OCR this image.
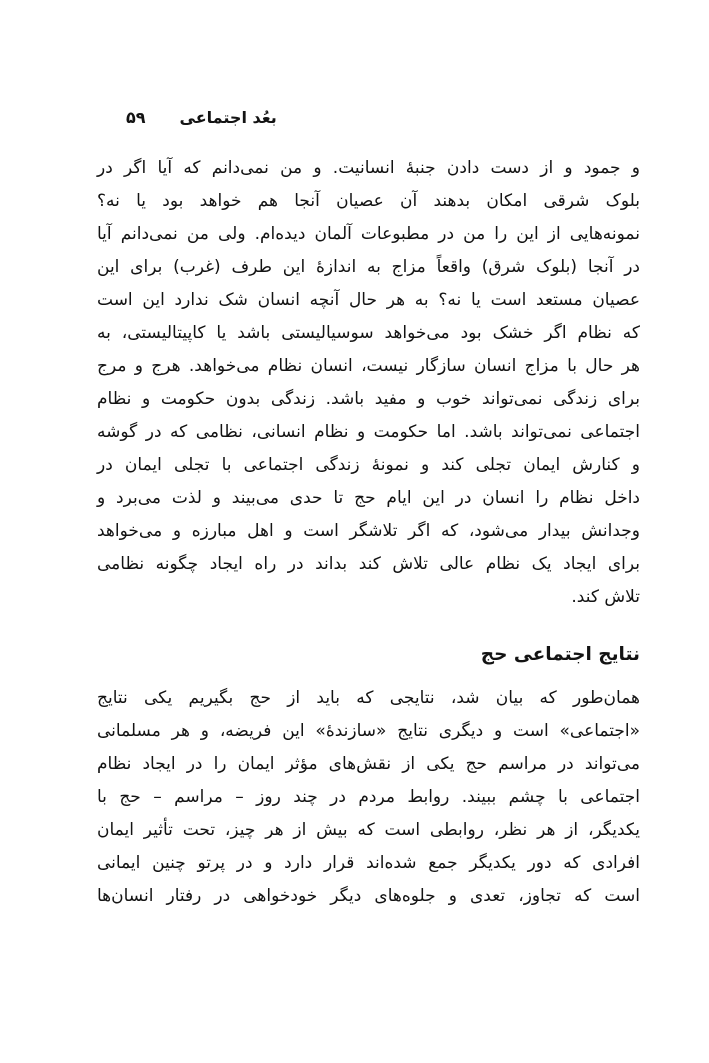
بعُد اجتماعی
۵۹
و جمود و از دست دادن جنبهٔ انسانیت. و من نمی‌دانم که آیا اگر در
بلوک شرقی امکان بدهند آن عصیان آنجا هم خواهد بود یا نه؟
نمونه‌هایی از این را من در مطبوعات آلمان دیده‌ام. ولی من نمی‌دانم آیا
در آنجا (بلوک شرق) واقعاً مزاج به اندازهٔ این طرف (غرب) برای این
عصیان مستعد است یا نه؟ به هر حال آنچه انسان شک ندارد این است
که نظام اگر خشک بود می‌خواهد سوسیالیستی باشد یا کاپیتالیستی، به
هر حال با مزاج انسان سازگار نیست، انسان نظام می‌خواهد. هرج و مرج
برای زندگی نمی‌تواند خوب و مفید باشد. زندگی بدون حکومت و نظام
اجتماعی نمی‌تواند باشد. اما حکومت و نظام انسانی، نظامی که در گوشه
و کنارش ایمان تجلی کند و نمونهٔ زندگی اجتماعی با تجلی ایمان در
داخل نظام را انسان در این ایام حج تا حدی می‌بیند و لذت می‌برد و
وجدانش بیدار می‌شود، که اگر تلاشگر است و اهل مبارزه و می‌خواهد
برای ایجاد یک نظام عالی تلاش کند بداند در راه ایجاد چگونه نظامی
تلاش کند.
نتایج اجتماعی حج
همان‌طور که بیان شد، نتایجی که باید از حج بگیریم یکی نتایج
«اجتماعی» است و دیگری نتایج «سازندهٔ» این فریضه، و هر مسلمانی
می‌تواند در مراسم حج یکی از نقش‌های مؤثر ایمان را در ایجاد نظام
اجتماعی با چشم ببیند. روابط مردم در چند روز – مراسم – حج با
یکدیگر، از هر نظر، روابطی است که بیش از هر چیز، تحت تأثیر ایمان
افرادی که دور یکدیگر جمع شده‌اند قرار دارد و در پرتو چنین ایمانی
است که تجاوز، تعدی و جلوه‌های دیگر خودخواهی در رفتار انسان‌ها
